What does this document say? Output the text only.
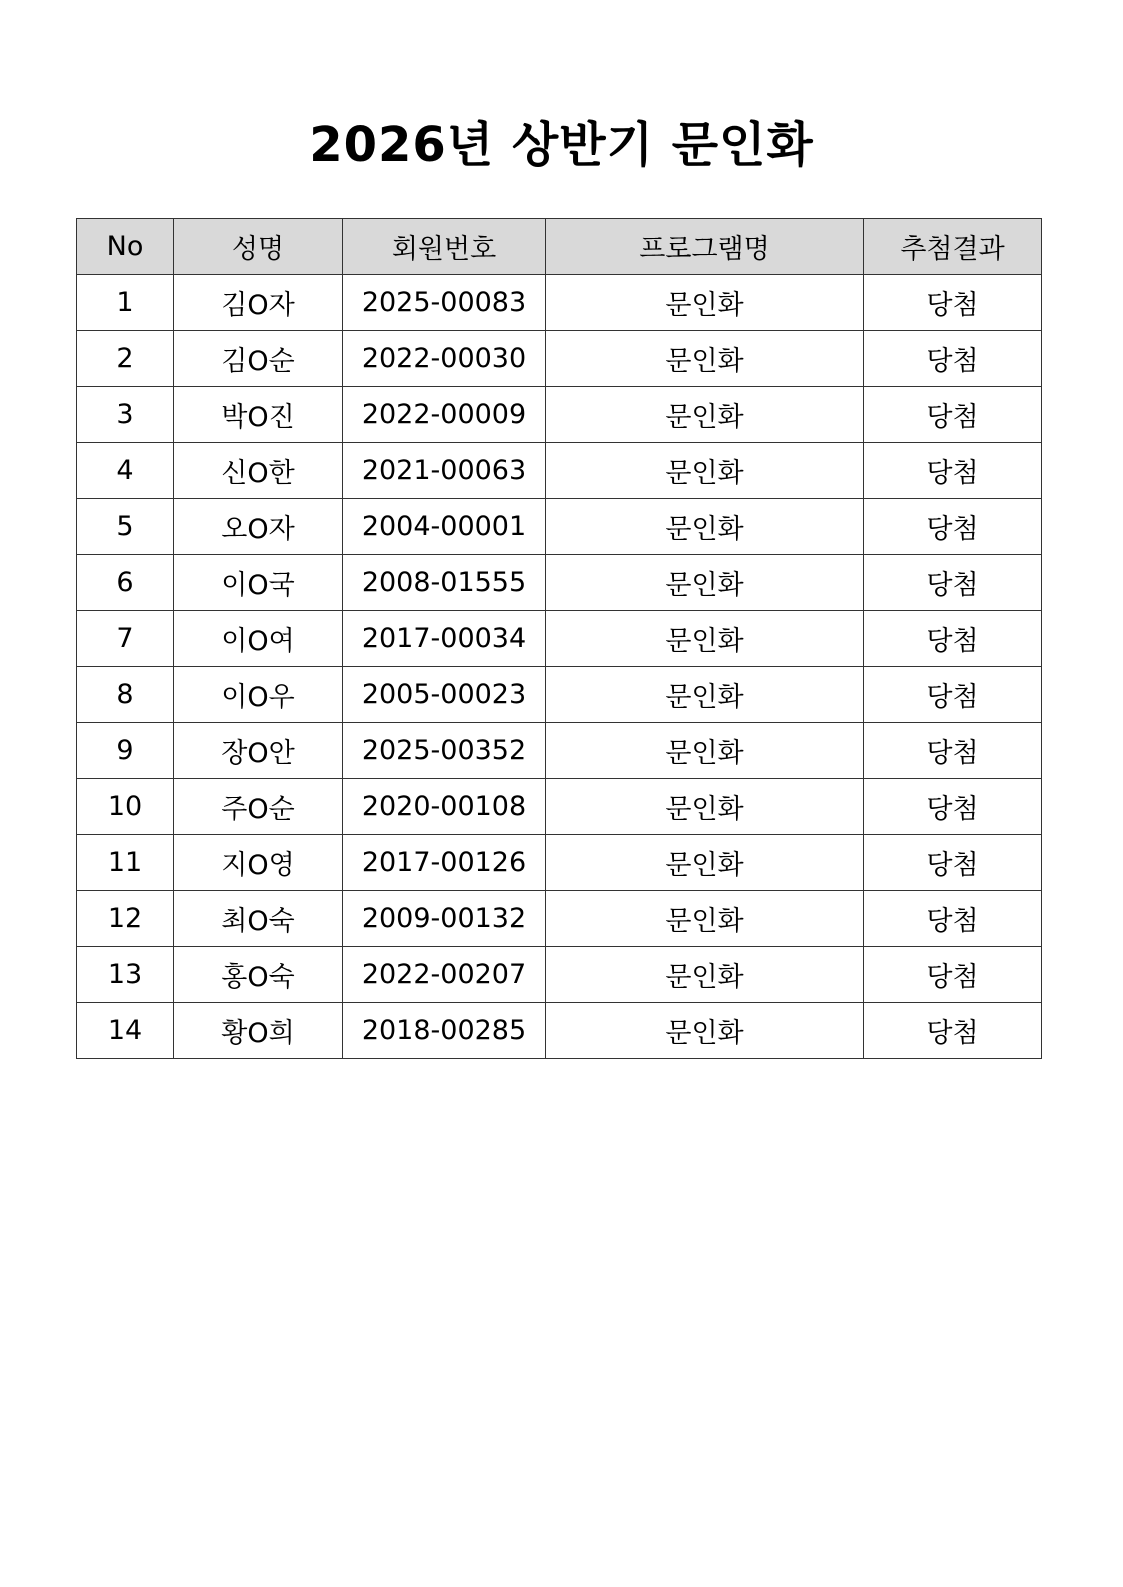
2026년 상반기 문인화
No	성명	회원번호	프로그램명	추첨결과
1	김O자	2025-00083	문인화	당첨
2	김O순	2022-00030	문인화	당첨
3	박O진	2022-00009	문인화	당첨
4	신O한	2021-00063	문인화	당첨
5	오O자	2004-00001	문인화	당첨
6	이O국	2008-01555	문인화	당첨
7	이O여	2017-00034	문인화	당첨
8	이O우	2005-00023	문인화	당첨
9	장O안	2025-00352	문인화	당첨
10	주O순	2020-00108	문인화	당첨
11	지O영	2017-00126	문인화	당첨
12	최O숙	2009-00132	문인화	당첨
13	홍O숙	2022-00207	문인화	당첨
14	황O희	2018-00285	문인화	당첨
